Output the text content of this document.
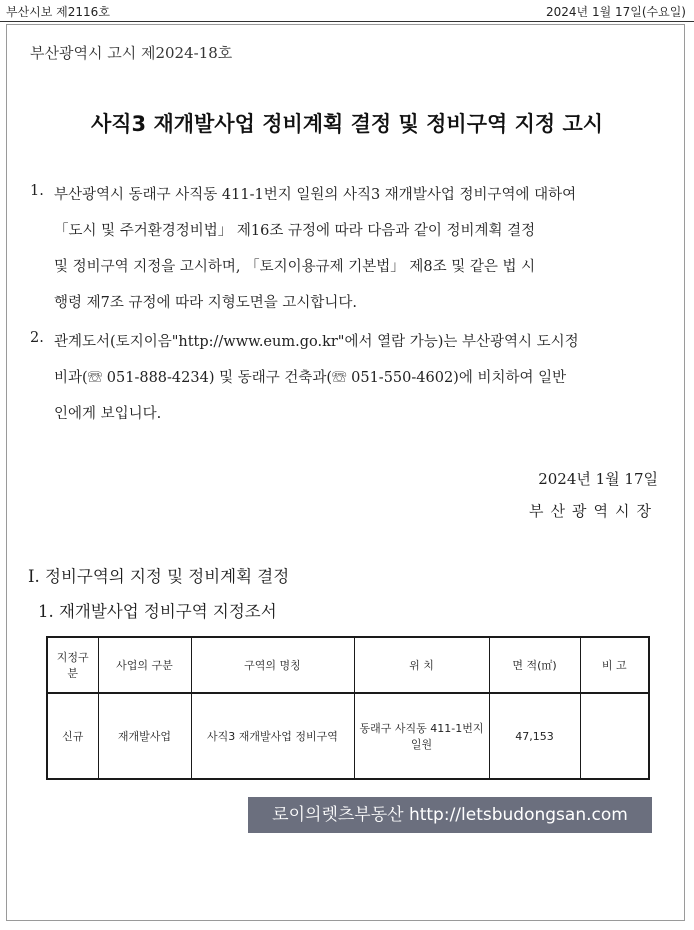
부산시보 제2116호	2024년 1월 17일(수요일)
부산광역시 고시 제2024-18호
사직3 재개발사업 정비계획 결정 및 정비구역 지정 고시
1. 부산광역시 동래구 사직동 411-1번지 일원의 사직3 재개발사업 정비구역에 대하여
「도시 및 주거환경정비법」 제16조 규정에 따라 다음과 같이 정비계획 결정
및 정비구역 지정을 고시하며, 「토지이용규제 기본법」 제8조 및 같은 법 시
행령 제7조 규정에 따라 지형도면을 고시합니다.
2. 관계도서(토지이음"http://www.eum.go.kr"에서 열람 가능)는 부산광역시 도시정
비과(☏ 051-888-4234) 및 동래구 건축과(☏ 051-550-4602)에 비치하여 일반
인에게 보입니다.
2024년 1월 17일
부산광역시장
I. 정비구역의 지정 및 정비계획 결정
1. 재개발사업 정비구역 지정조서
지정구분	사업의 구분	구역의 명칭	위 치	면 적(㎡)	비 고
신규	재개발사업	사직3 재개발사업 정비구역	동래구 사직동 411-1번지 일원	47,153	
로이의렛츠부동산 http://letsbudongsan.com
